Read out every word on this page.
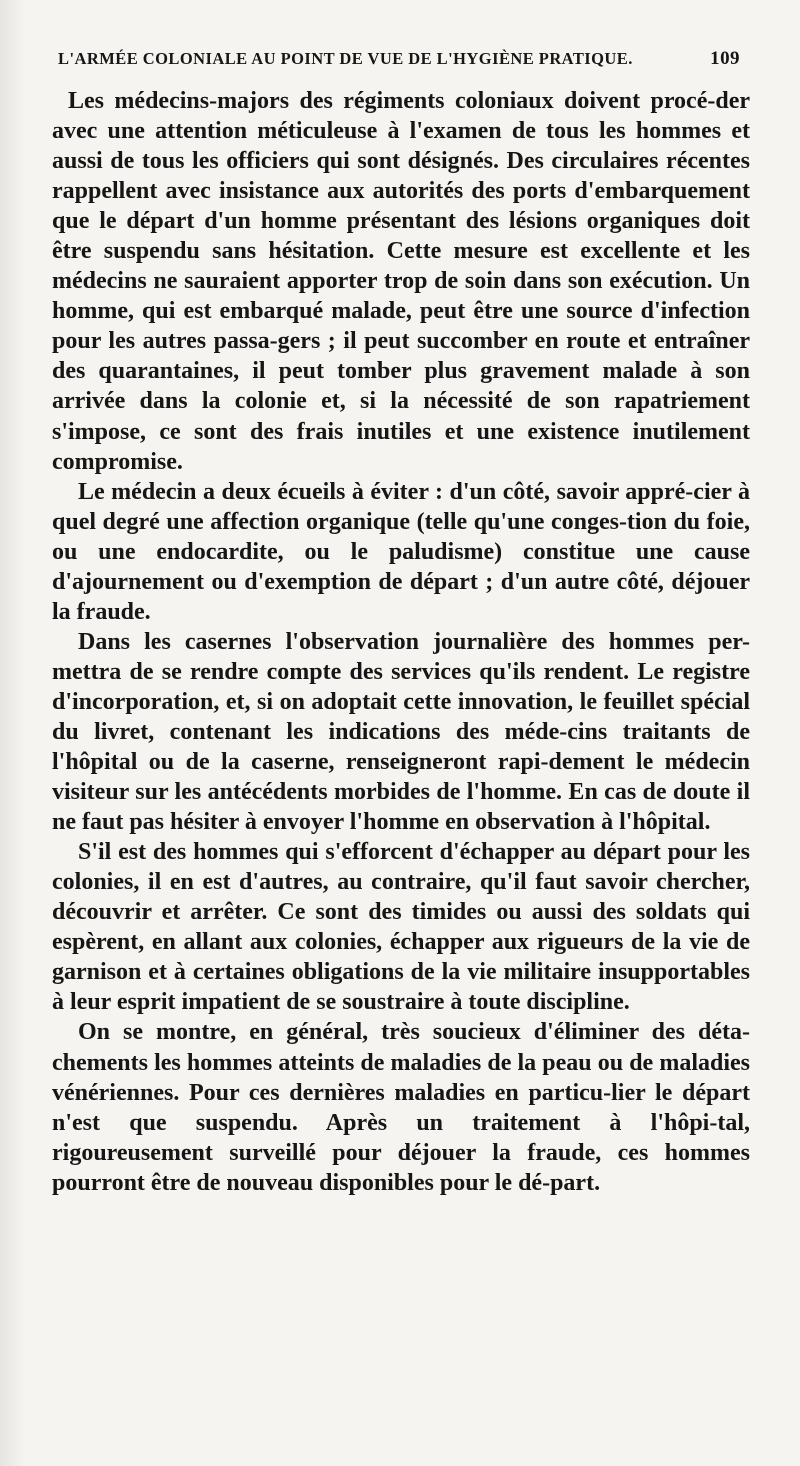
L'ARMÉE COLONIALE AU POINT DE VUE DE L'HYGIÈNE PRATIQUE.	109

Les médecins-majors des régiments coloniaux doivent procé-der avec une attention méticuleuse à l'examen de tous les hommes et aussi de tous les officiers qui sont désignés. Des circulaires récentes rappellent avec insistance aux autorités des ports d'embarquement que le départ d'un homme présentant des lésions organiques doit être suspendu sans hésitation. Cette mesure est excellente et les médecins ne sauraient apporter trop de soin dans son exécution. Un homme, qui est embarqué malade, peut être une source d'infection pour les autres passa-gers ; il peut succomber en route et entraîner des quarantaines, il peut tomber plus gravement malade à son arrivée dans la colonie et, si la nécessité de son rapatriement s'impose, ce sont des frais inutiles et une existence inutilement compromise.

Le médecin a deux écueils à éviter : d'un côté, savoir appré-cier à quel degré une affection organique (telle qu'une conges-tion du foie, ou une endocardite, ou le paludisme) constitue une cause d'ajournement ou d'exemption de départ ; d'un autre côté, déjouer la fraude.

Dans les casernes l'observation journalière des hommes per-mettra de se rendre compte des services qu'ils rendent. Le registre d'incorporation, et, si on adoptait cette innovation, le feuillet spécial du livret, contenant les indications des méde-cins traitants de l'hôpital ou de la caserne, renseigneront rapi-dement le médecin visiteur sur les antécédents morbides de l'homme. En cas de doute il ne faut pas hésiter à envoyer l'homme en observation à l'hôpital.

S'il est des hommes qui s'efforcent d'échapper au départ pour les colonies, il en est d'autres, au contraire, qu'il faut savoir chercher, découvrir et arrêter. Ce sont des timides ou aussi des soldats qui espèrent, en allant aux colonies, échapper aux rigueurs de la vie de garnison et à certaines obligations de la vie militaire insupportables à leur esprit impatient de se soustraire à toute discipline.

On se montre, en général, très soucieux d'éliminer des déta-chements les hommes atteints de maladies de la peau ou de maladies vénériennes. Pour ces dernières maladies en particu-lier le départ n'est que suspendu. Après un traitement à l'hôpi-tal, rigoureusement surveillé pour déjouer la fraude, ces hommes pourront être de nouveau disponibles pour le dé-part.
